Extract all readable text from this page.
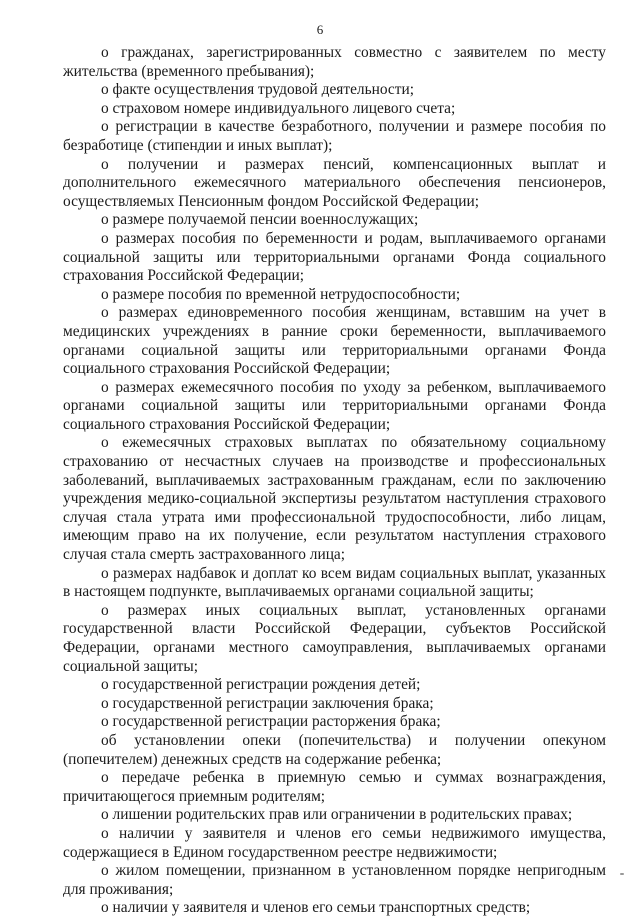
6

о гражданах, зарегистрированных совместно с заявителем по месту жительства (временного пребывания);

о факте осуществления трудовой деятельности;

о страховом номере индивидуального лицевого счета;

о регистрации в качестве безработного, получении и размере пособия по безработице (стипендии и иных выплат);

о получении и размерах пенсий, компенсационных выплат и дополнительного ежемесячного материального обеспечения пенсионеров, осуществляемых Пенсионным фондом Российской Федерации;

о размере получаемой пенсии военнослужащих;

о размерах пособия по беременности и родам, выплачиваемого органами социальной защиты или территориальными органами Фонда социального страхования Российской Федерации;

о размере пособия по временной нетрудоспособности;

о размерах единовременного пособия женщинам, вставшим на учет в медицинских учреждениях в ранние сроки беременности, выплачиваемого органами социальной защиты или территориальными органами Фонда социального страхования Российской Федерации;

о размерах ежемесячного пособия по уходу за ребенком, выплачиваемого органами социальной защиты или территориальными органами Фонда социального страхования Российской Федерации;

о ежемесячных страховых выплатах по обязательному социальному страхованию от несчастных случаев на производстве и профессиональных заболеваний, выплачиваемых застрахованным гражданам, если по заключению учреждения медико-социальной экспертизы результатом наступления страхового случая стала утрата ими профессиональной трудоспособности, либо лицам, имеющим право на их получение, если результатом наступления страхового случая стала смерть застрахованного лица;

о размерах надбавок и доплат ко всем видам социальных выплат, указанных в настоящем подпункте, выплачиваемых органами социальной защиты;

о размерах иных социальных выплат, установленных органами государственной власти Российской Федерации, субъектов Российской Федерации, органами местного самоуправления, выплачиваемых органами социальной защиты;

о государственной регистрации рождения детей;

о государственной регистрации заключения брака;

о государственной регистрации расторжения брака;

об установлении опеки (попечительства) и получении опекуном (попечителем) денежных средств на содержание ребенка;

о передаче ребенка в приемную семью и суммах вознаграждения, причитающегося приемным родителям;

о лишении родительских прав или ограничении в родительских правах;

о наличии у заявителя и членов его семьи недвижимого имущества, содержащиеся в Едином государственном реестре недвижимости;

о жилом помещении, признанном в установленном порядке непригодным для проживания;

о наличии у заявителя и членов его семьи транспортных средств;
